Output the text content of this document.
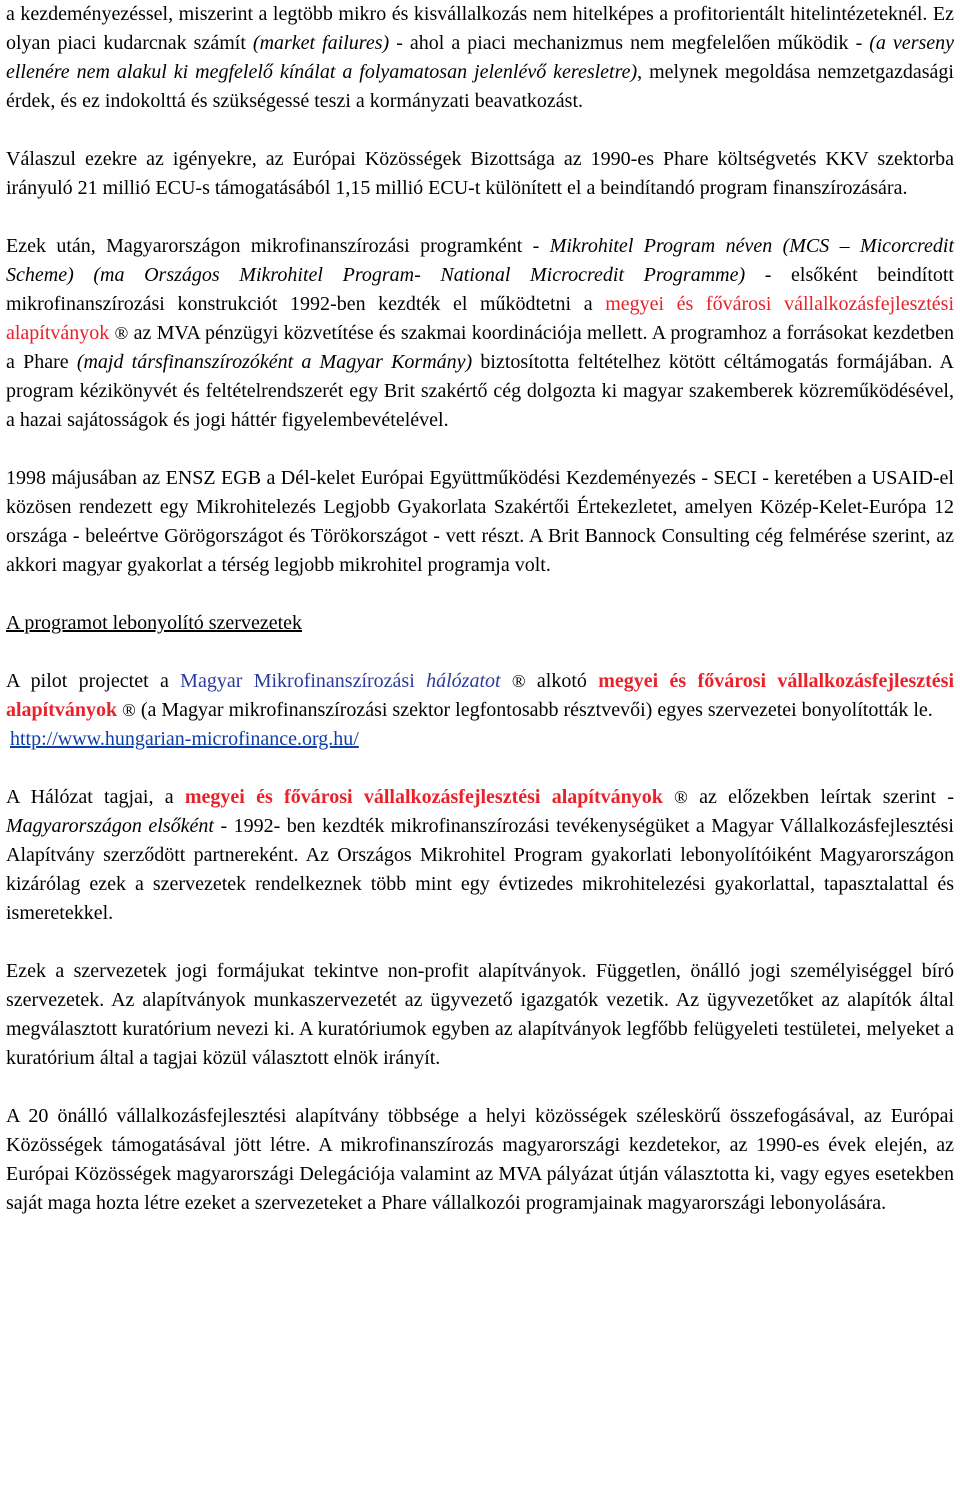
a kezdeményezéssel, miszerint a legtöbb mikro és kisvállalkozás nem hitelképes a profitorientált hitelintézeteknél. Ez olyan piaci kudarcnak számít (market failures) - ahol a piaci mechanizmus nem megfelelően működik - (a verseny ellenére nem alakul ki megfelelő kínálat a folyamatosan jelenlévő keresletre), melynek megoldása nemzetgazdasági érdek, és ez indokolttá és szükségessé teszi a kormányzati beavatkozást.

Válaszul ezekre az igényekre, az Európai Közösségek Bizottsága az 1990-es Phare költségvetés KKV szektorba irányuló 21 millió ECU-s támogatásából 1,15 millió ECU-t különített el a beindítandó program finanszírozására.

Ezek után, Magyarországon mikrofinanszírozási programként - Mikrohitel Program néven (MCS – Micorcredit Scheme) (ma Országos Mikrohitel Program- National Microcredit Programme) - elsőként beindított mikrofinanszírozási konstrukciót 1992-ben kezdték el működtetni a megyei és fővárosi vállalkozásfejlesztési alapítványok ® az MVA pénzügyi közvetítése és szakmai koordinációja mellett. A programhoz a forrásokat kezdetben a Phare (majd társfinanszírozóként a Magyar Kormány) biztosította feltételhez kötött céltámogatás formájában. A program kézikönyvét és feltételrendszerét egy Brit szakértő cég dolgozta ki magyar szakemberek közreműködésével, a hazai sajátosságok és jogi háttér figyelembevételével.

1998 májusában az ENSZ EGB a Dél-kelet Európai Együttműködési Kezdeményezés - SECI - keretében a USAID-el közösen rendezett egy Mikrohitelezés Legjobb Gyakorlata Szakértői Értekezletet, amelyen Közép-Kelet-Európa 12 országa - beleértve Görögországot és Törökországot - vett részt. A Brit Bannock Consulting cég felmérése szerint, az akkori magyar gyakorlat a térség legjobb mikrohitel programja volt.

A programot lebonyolító szervezetek

A pilot projectet a Magyar Mikrofinanszírozási hálózatot ® alkotó megyei és fővárosi vállalkozásfejlesztési alapítványok ® (a Magyar mikrofinanszírozási szektor legfontosabb résztvevői) egyes szervezetei bonyolították le.

http://www.hungarian-microfinance.org.hu/

A Hálózat tagjai, a megyei és fővárosi vállalkozásfejlesztési alapítványok ® az előzekben leírtak szerint - Magyarországon elsőként - 1992- ben kezdték mikrofinanszírozási tevékenységüket a Magyar Vállalkozásfejlesztési Alapítvány szerződött partnereként. Az Országos Mikrohitel Program gyakorlati lebonyolítóiként Magyarországon kizárólag ezek a szervezetek rendelkeznek több mint egy évtizedes mikrohitelezési gyakorlattal, tapasztalattal és ismeretekkel.

Ezek a szervezetek jogi formájukat tekintve non-profit alapítványok. Független, önálló jogi személyiséggel bíró szervezetek. Az alapítványok munkaszervezetét az ügyvezető igazgatók vezetik. Az ügyvezetőket az alapítók által megválasztott kuratórium nevezi ki. A kuratóriumok egyben az alapítványok legfőbb felügyeleti testületei, melyeket a kuratórium által a tagjai közül választott elnök irányít.

A 20 önálló vállalkozásfejlesztési alapítvány többsége a helyi közösségek széleskörű összefogásával, az Európai Közösségek támogatásával jött létre. A mikrofinanszírozás magyarországi kezdetekor, az 1990-es évek elején, az Európai Közösségek magyarországi Delegációja valamint az MVA pályázat útján választotta ki, vagy egyes esetekben saját maga hozta létre ezeket a szervezeteket a Phare vállalkozói programjainak magyarországi lebonyolására.
